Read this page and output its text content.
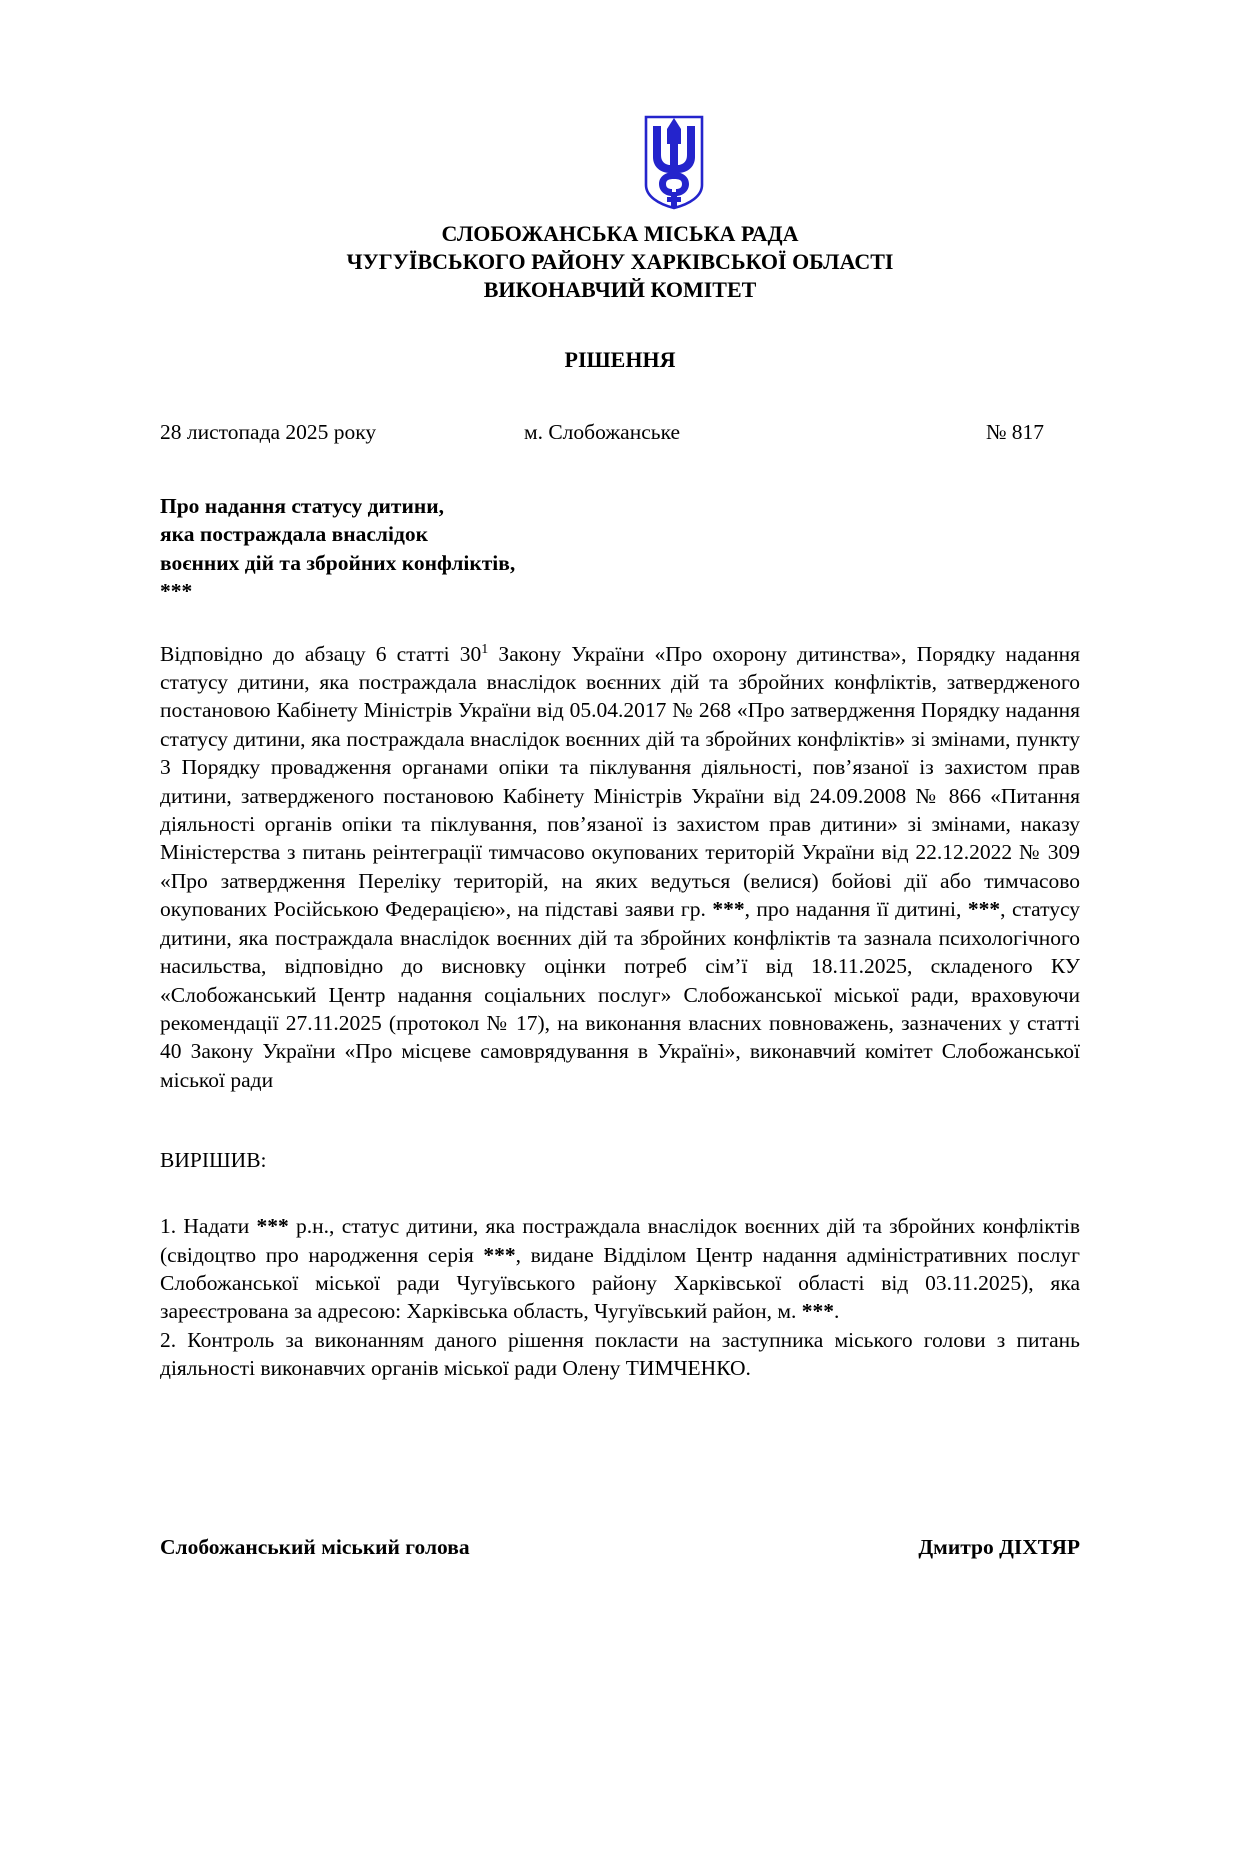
СЛОБОЖАНСЬКА МІСЬКА РАДА
ЧУГУЇВСЬКОГО РАЙОНУ ХАРКІВСЬКОЇ ОБЛАСТІ
ВИКОНАВЧИЙ КОМІТЕТ
РІШЕННЯ
28 листопада 2025 року	м. Слобожанське	№ 817
Про надання статусу дитини,
яка постраждала внаслідок
воєнних дій та збройних конфліктів,
***

Відповідно до абзацу 6 статті $30^1$ Закону України «Про охорону дитинства», Порядку надання статусу дитини, яка постраждала внаслідок воєнних дій та збройних конфліктів, затвердженого постановою Кабінету Міністрів України від 05.04.2017 № 268 «Про затвердження Порядку надання статусу дитини, яка постраждала внаслідок воєнних дій та збройних конфліктів» зі змінами, пункту 3 Порядку провадження органами опіки та піклування діяльності, пов’язаної із захистом прав дитини, затвердженого постановою Кабінету Міністрів України від 24.09.2008 № 866 «Питання діяльності органів опіки та піклування, пов’язаної із захистом прав дитини» зі змінами, наказу Міністерства з питань реінтеграції тимчасово окупованих територій України від 22.12.2022 № 309 «Про затвердження Переліку територій, на яких ведуться (велися) бойові дії або тимчасово окупованих Російською Федерацією», на підставі заяви гр. ***, про надання її дитині, ***, статусу дитини, яка постраждала внаслідок воєнних дій та збройних конфліктів та зазнала психологічного насильства, відповідно до висновку оцінки потреб сім’ї від 18.11.2025, складеного КУ «Слобожанський Центр надання соціальних послуг» Слобожанської міської ради, враховуючи рекомендації 27.11.2025 (протокол № 17), на виконання власних повноважень, зазначених у статті 40 Закону України «Про місцеве самоврядування в Україні», виконавчий комітет Слобожанської міської ради

ВИРІШИВ:

1. Надати *** р.н., статус дитини, яка постраждала внаслідок воєнних дій та збройних конфліктів (свідоцтво про народження серія ***, видане Відділом Центр надання адміністративних послуг Слобожанської міської ради Чугуївського району Харківської області від 03.11.2025), яка зареєстрована за адресою: Харківська область, Чугуївський район, м. ***.

2. Контроль за виконанням даного рішення покласти на заступника міського голови з питань діяльності виконавчих органів міської ради Олену ТИМЧЕНКО.

Слобожанський міський голова	Дмитро ДІХТЯР
